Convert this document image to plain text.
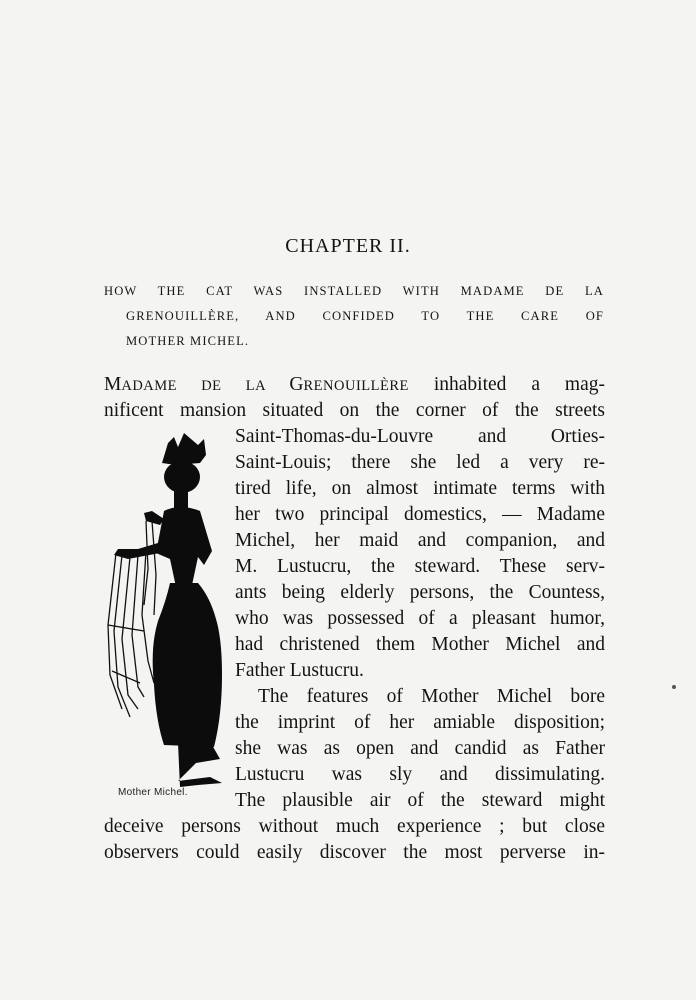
CHAPTER II.
HOW THE CAT WAS INSTALLED WITH MADAME DE LA
GRENOUILLÈRE, AND CONFIDED TO THE CARE OF
MOTHER MICHEL.
MADAME DE LA GRENOUILLÈRE inhabited a mag-
nificent mansion situated on the corner of the streets
Saint-Thomas-du-Louvre and Orties-
Saint-Louis; there she led a very re-
tired life, on almost intimate terms with
her two principal domestics, — Madame
Michel, her maid and companion, and
M. Lustucru, the steward. These serv-
ants being elderly persons, the Countess,
who was possessed of a pleasant humor,
had christened them Mother Michel and
Father Lustucru.
The features of Mother Michel bore
the imprint of her amiable disposition;
she was as open and candid as Father
Lustucru was sly and dissimulating.
The plausible air of the steward might
deceive persons without much experience ; but close
observers could easily discover the most perverse in-
Mother Michel.
